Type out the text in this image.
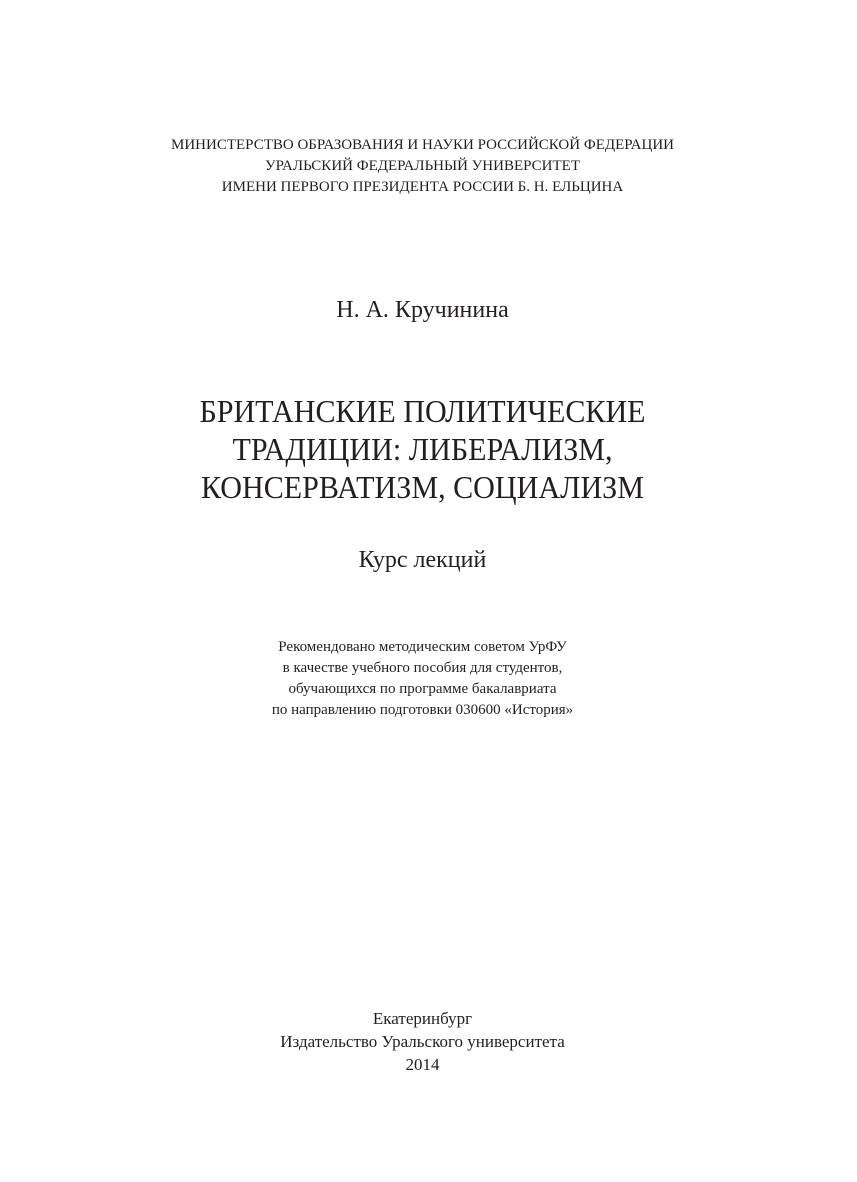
МИНИСТЕРСТВО ОБРАЗОВАНИЯ И НАУКИ РОССИЙСКОЙ ФЕДЕРАЦИИ
УРАЛЬСКИЙ ФЕДЕРАЛЬНЫЙ УНИВЕРСИТЕТ
ИМЕНИ ПЕРВОГО ПРЕЗИДЕНТА РОССИИ Б. Н. ЕЛЬЦИНА
Н. А. Кручинина
БРИТАНСКИЕ ПОЛИТИЧЕСКИЕ
ТРАДИЦИИ: ЛИБЕРАЛИЗМ,
КОНСЕРВАТИЗМ, СОЦИАЛИЗМ
Курс лекций
Рекомендовано методическим советом УрФУ
в качестве учебного пособия для студентов,
обучающихся по программе бакалавриата
по направлению подготовки 030600 «История»
Екатеринбург
Издательство Уральского университета
2014
